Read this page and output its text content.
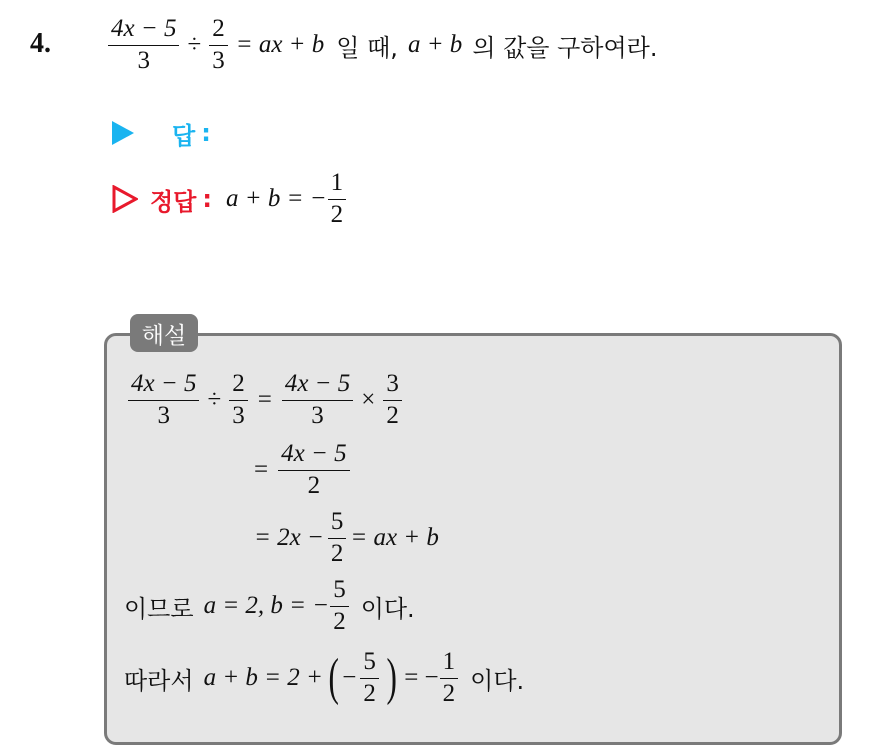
4. $\frac{4x - 5}{3} \div \frac{2}{3}$ = ax + b 일 때, a + b 의 값을 구하여라.
답 :
정답 : a + b = − $\frac{1}{2}$
해설
$\frac{4x - 5}{3} \div \frac{2}{3} = \frac{4x - 5}{3} \times \frac{3}{2}$
= $\frac{4x - 5}{2}$
= $2x - \frac{5}{2}$ = ax + b
이므로 a = 2, b = − $\frac{5}{2}$ 이다.
따라서 a + b = 2 + ( − $\frac{5}{2}$ ) = − $\frac{1}{2}$ 이다.
